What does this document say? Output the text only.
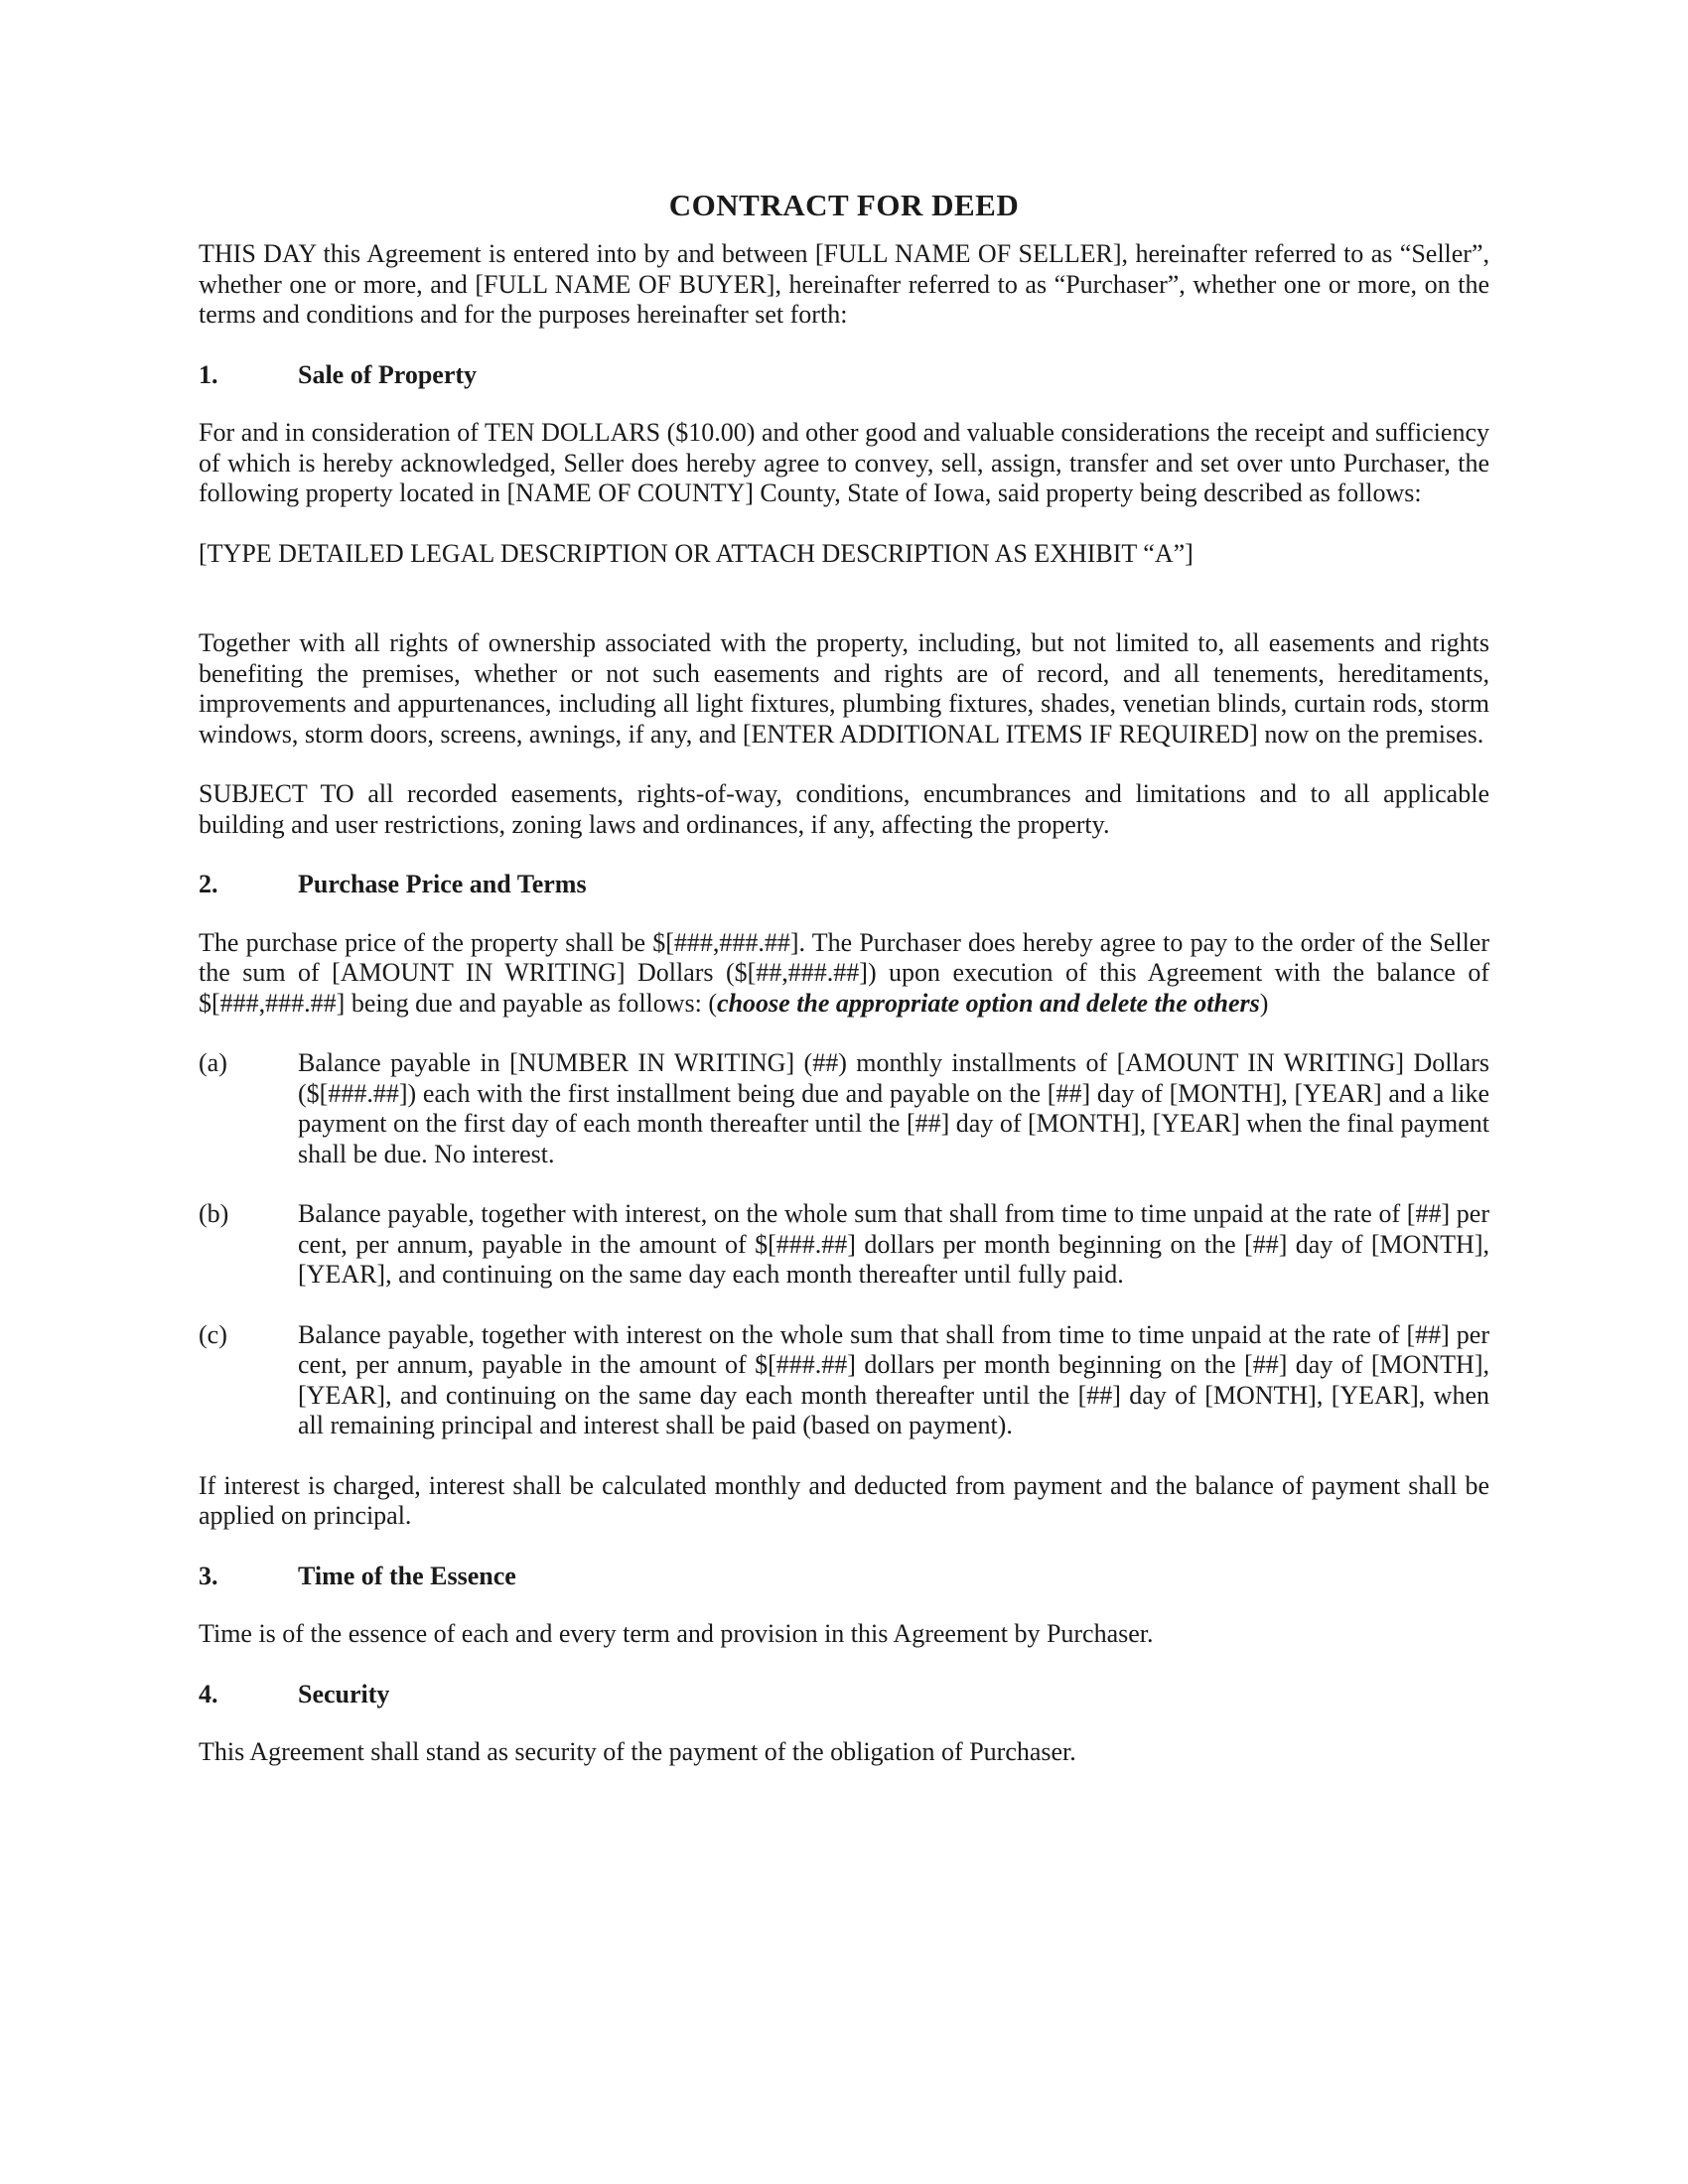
CONTRACT FOR DEED

THIS DAY this Agreement is entered into by and between [FULL NAME OF SELLER], hereinafter referred to as “Seller”, whether one or more, and [FULL NAME OF BUYER], hereinafter referred to as “Purchaser”, whether one or more, on the terms and conditions and for the purposes hereinafter set forth:

1.	Sale of Property

For and in consideration of TEN DOLLARS ($10.00) and other good and valuable considerations the receipt and sufficiency of which is hereby acknowledged, Seller does hereby agree to convey, sell, assign, transfer and set over unto Purchaser, the following property located in [NAME OF COUNTY] County, State of Iowa, said property being described as follows:

[TYPE DETAILED LEGAL DESCRIPTION OR ATTACH DESCRIPTION AS EXHIBIT “A”]

Together with all rights of ownership associated with the property, including, but not limited to, all easements and rights benefiting the premises, whether or not such easements and rights are of record, and all tenements, hereditaments, improvements and appurtenances, including all light fixtures, plumbing fixtures, shades, venetian blinds, curtain rods, storm windows, storm doors, screens, awnings, if any, and [ENTER ADDITIONAL ITEMS IF REQUIRED] now on the premises.

SUBJECT TO all recorded easements, rights-of-way, conditions, encumbrances and limitations and to all applicable building and user restrictions, zoning laws and ordinances, if any, affecting the property.

2.	Purchase Price and Terms

The purchase price of the property shall be $[###,###.##]. The Purchaser does hereby agree to pay to the order of the Seller the sum of [AMOUNT IN WRITING] Dollars ($[##,###.##]) upon execution of this Agreement with the balance of $[###,###.##] being due and payable as follows: (choose the appropriate option and delete the others)

(a)	Balance payable in [NUMBER IN WRITING] (##) monthly installments of [AMOUNT IN WRITING] Dollars ($[###.##]) each with the first installment being due and payable on the [##] day of [MONTH], [YEAR] and a like payment on the first day of each month thereafter until the [##] day of [MONTH], [YEAR] when the final payment shall be due. No interest.
(b)	Balance payable, together with interest, on the whole sum that shall from time to time unpaid at the rate of [##] per cent, per annum, payable in the amount of $[###.##] dollars per month beginning on the [##] day of [MONTH], [YEAR], and continuing on the same day each month thereafter until fully paid.
(c)	Balance payable, together with interest on the whole sum that shall from time to time unpaid at the rate of [##] per cent, per annum, payable in the amount of $[###.##] dollars per month beginning on the [##] day of [MONTH], [YEAR], and continuing on the same day each month thereafter until the [##] day of [MONTH], [YEAR], when all remaining principal and interest shall be paid (based on payment).

If interest is charged, interest shall be calculated monthly and deducted from payment and the balance of payment shall be applied on principal.

3.	Time of the Essence

Time is of the essence of each and every term and provision in this Agreement by Purchaser.

4.	Security

This Agreement shall stand as security of the payment of the obligation of Purchaser.
